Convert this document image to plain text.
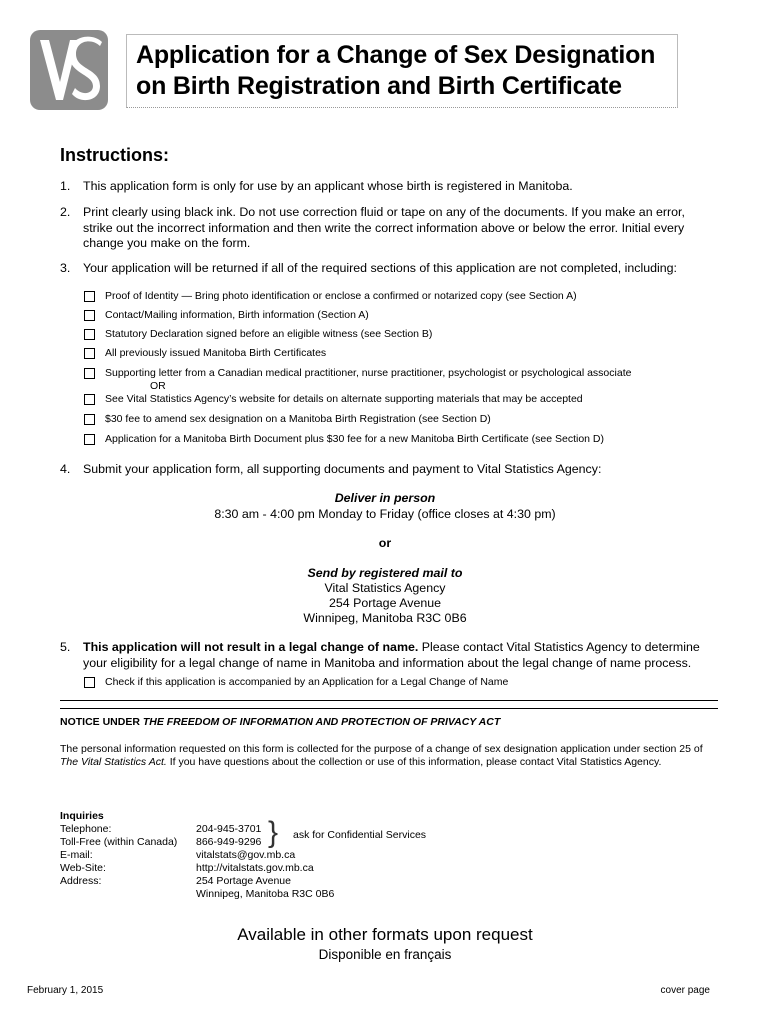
Application for a Change of Sex Designation
on Birth Registration and Birth Certificate
Instructions:
1. This application form is only for use by an applicant whose birth is registered in Manitoba.
2. Print clearly using black ink. Do not use correction fluid or tape on any of the documents. If you make an error, strike out the incorrect information and then write the correct information above or below the error. Initial every change you make on the form.
3. Your application will be returned if all of the required sections of this application are not completed, including:
Proof of Identity — Bring photo identification or enclose a confirmed or notarized copy (see Section A)
Contact/Mailing information, Birth information (Section A)
Statutory Declaration signed before an eligible witness (see Section B)
All previously issued Manitoba Birth Certificates
Supporting letter from a Canadian medical practitioner, nurse practitioner, psychologist or psychological associate
OR
See Vital Statistics Agency’s website for details on alternate supporting materials that may be accepted
$30 fee to amend sex designation on a Manitoba Birth Registration (see Section D)
Application for a Manitoba Birth Document plus $30 fee for a new Manitoba Birth Certificate (see Section D)
4. Submit your application form, all supporting documents and payment to Vital Statistics Agency:
Deliver in person
8:30 am - 4:00 pm Monday to Friday (office closes at 4:30 pm)
or
Send by registered mail to
Vital Statistics Agency
254 Portage Avenue
Winnipeg, Manitoba R3C 0B6
5. This application will not result in a legal change of name. Please contact Vital Statistics Agency to determine your eligibility for a legal change of name in Manitoba and information about the legal change of name process.
Check if this application is accompanied by an Application for a Legal Change of Name
NOTICE UNDER THE FREEDOM OF INFORMATION AND PROTECTION OF PRIVACY ACT
The personal information requested on this form is collected for the purpose of a change of sex designation application under section 25 of The Vital Statistics Act. If you have questions about the collection or use of this information, please contact Vital Statistics Agency.
Inquiries
Telephone:	204-945-3701
Toll-Free (within Canada) 866-949-9296
E-mail:	vitalstats@gov.mb.ca
Web-Site:	http://vitalstats.gov.mb.ca
Address:	254 Portage Avenue
Winnipeg, Manitoba R3C 0B6
} ask for Confidential Services
Available in other formats upon request
Disponible en français
February 1, 2015	cover page
